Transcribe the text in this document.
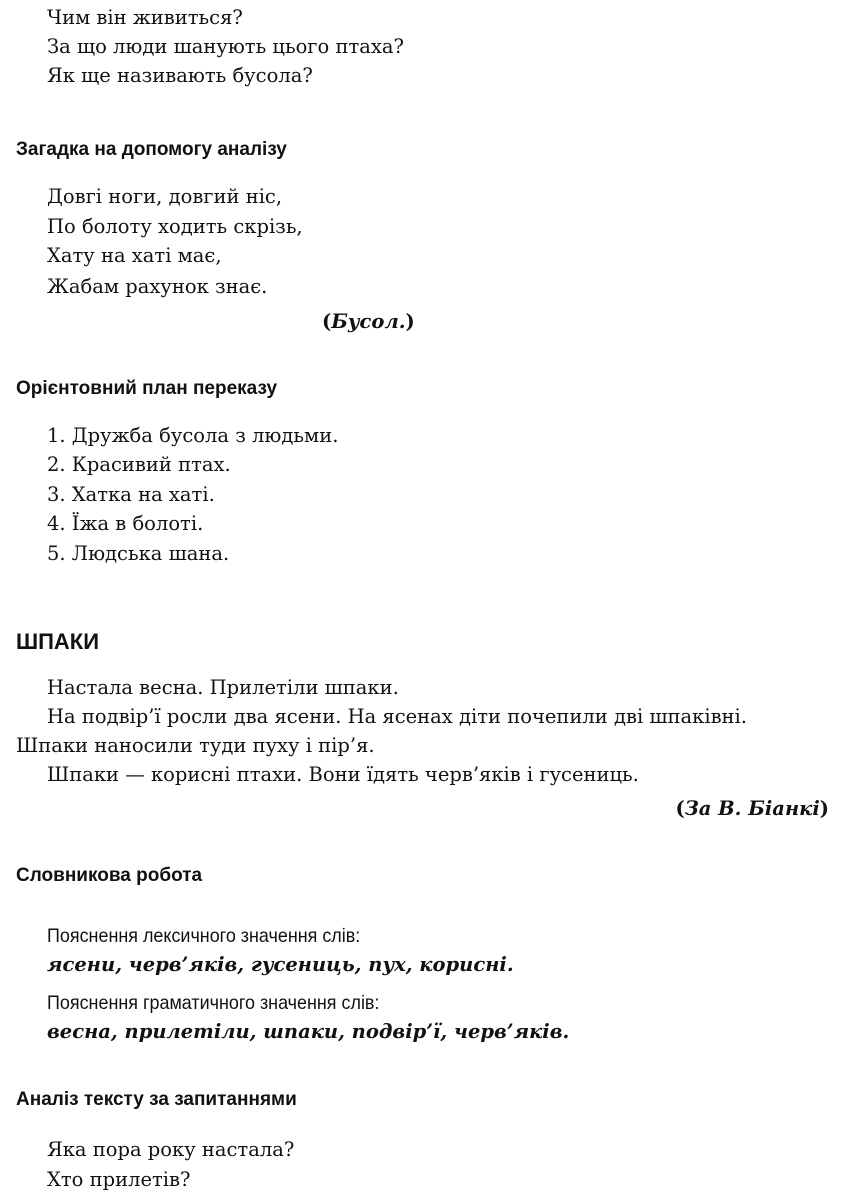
Чим він живиться?
За що люди шанують цього птаха?
Як ще називають бусола?
Загадка на допомогу аналізу
Довгі ноги, довгий ніс,
По болоту ходить скрізь,
Хату на хаті має,
Жабам рахунок знає.
(Бусол.)
Орієнтовний план переказу
1. Дружба бусола з людьми.
2. Красивий птах.
3. Хатка на хаті.
4. Їжа в болоті.
5. Людська шана.
ШПАКИ
Настала весна. Прилетіли шпаки.
На подвір’ї росли два ясени. На ясенах діти почепили дві шпаківні.
Шпаки наносили туди пуху і пір’я.
Шпаки — корисні птахи. Вони їдять черв’яків і гусениць.
(За В. Біанкі)
Словникова робота
Пояснення лексичного значення слів:
ясени, черв’яків, гусениць, пух, корисні.
Пояснення граматичного значення слів:
весна, прилетіли, шпаки, подвір’ї, черв’яків.
Аналіз тексту за запитаннями
Яка пора року настала?
Хто прилетів?
